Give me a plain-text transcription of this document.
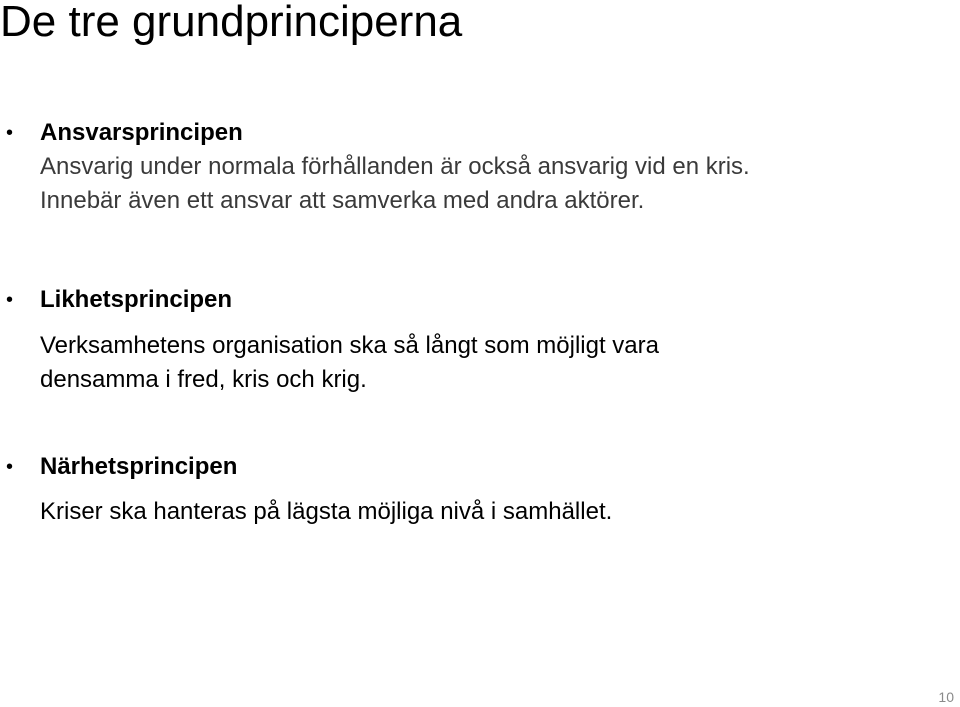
De tre grundprinciperna
• Ansvarsprincipen

Ansvarig under normala förhållanden är också ansvarig vid en kris.
Innebär även ett ansvar att samverka med andra aktörer.

• Likhetsprincipen

Verksamhetens organisation ska så långt som möjligt vara
densamma i fred, kris och krig.

• Närhetsprincipen

Kriser ska hanteras på lägsta möjliga nivå i samhället.

10
